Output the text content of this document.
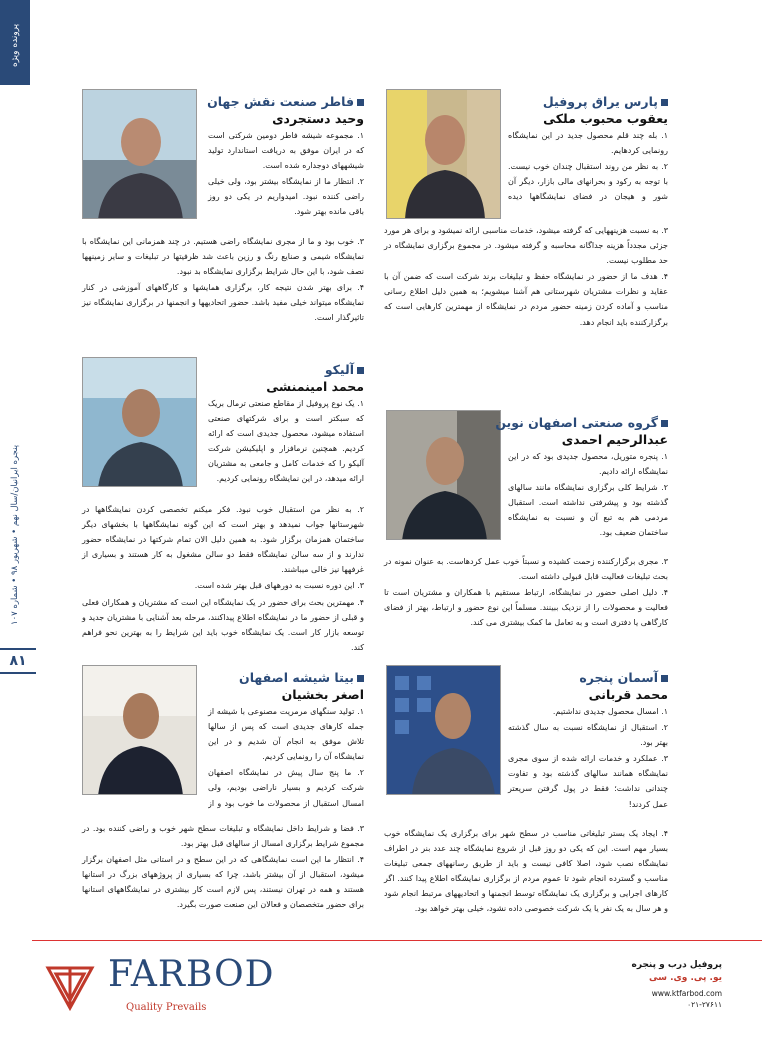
پرونده ویژه
پنجره ایرانیان/سال نهم • شهریور ۹۸ • شماره ۱۰۷
۸۱
پارس یراق پروفیل
یعقوب محبوب ملکی

۱. بله چند قلم محصول جدید در این نمایشگاه رونمایی کردهایم.

۲. به نظر من روند استقبال چندان خوب نیست. با توجه به رکود و بحرانهای مالی بازار، دیگر آن شور و هیجان در فضای نمایشگاهها دیده

۳. به نسبت هزینههایی که گرفته میشود، خدمات مناسبی ارائه نمیشود و برای هر مورد جزئی مجدداً هزینه جداگانه محاسبه و گرفته میشود. در مجموع برگزاری نمایشگاه در حد مطلوب نیست.

۴. هدف ما از حضور در نمایشگاه حفظ و تبلیغات برند شرکت است که ضمن آن با عقاید و نظرات مشتریان شهرستانی هم آشنا میشویم؛ به همین دلیل اطلاع رسانی مناسب و آماده کردن زمینه حضور مردم در نمایشگاه از مهمترین کارهایی است که برگزارکننده باید انجام دهد.

فاطر صنعت نقش جهان
وحید دستجردی

۱. مجموعه شیشه فاطر دومین شرکتی است که در ایران موفق به دریافت استاندارد تولید شیشههای دوجداره شده است.

۲. انتظار ما از نمایشگاه بیشتر بود، ولی خیلی راضی کننده نبود. امیدواریم در یکی دو روز باقی مانده بهتر شود.

۳. خوب بود و ما از مجری نمایشگاه راضی هستیم. در چند همزمانی این نمایشگاه با نمایشگاه شیمی و صنایع رنگ و رزین باعث شد ظرفیتها در تبلیغات و سایر زمینهها نصف شود، با این حال شرایط برگزاری نمایشگاه بد نبود.

۴. برای بهتر شدن نتیجه کار، برگزاری همایشها و کارگاههای آموزشی در کنار نمایشگاه میتواند خیلی مفید باشد. حضور اتحادیهها و انجمنها در برگزاری نمایشگاه نیز تاثیرگذار است.

گروه صنعتی اصفهان نوین
عبدالرحیم احمدی

۱. پنجره متوریل، محصول جدیدی بود که در این نمایشگاه ارائه دادیم.

۲. شرایط کلی برگزاری نمایشگاه مانند سالهای گذشته بود و پیشرفتی نداشته است. استقبال مردمی هم به تبع آن و نسبت به نمایشگاه ساختمان ضعیف بود.

۳. مجری برگزارکننده زحمت کشیده و نسبتاً خوب عمل کردهاست. به عنوان نمونه در بحث تبلیغات فعالیت قابل قبولی داشته است.

۴. دلیل اصلی حضور در نمایشگاه، ارتباط مستقیم با همکاران و مشتریان است تا فعالیت و محصولات را از نزدیک ببینند. مسلماً این نوع حضور و ارتباط، بهتر از فضای کارگاهی یا دفتری است و به تعامل ما کمک بیشتری می کند.

آلیکو
محمد امینمنشی

۱. یک نوع پروفیل از مقاطع صنعتی ترمال بریک که سبکتر است و برای شرکتهای صنعتی استفاده میشود، محصول جدیدی است که ارائه کردیم. همچنین نرمافزار و اپلیکیشن شرکت آلیکو را که خدمات کامل و جامعی به مشتریان ارائه میدهد، در این نمایشگاه رونمایی کردیم.

۲. به نظر من استقبال خوب نبود. فکر میکنم تخصصی کردن نمایشگاهها در شهرستانها جواب نمیدهد و بهتر است که این گونه نمایشگاهها با بخشهای دیگر ساختمان همزمان برگزار شود. به همین دلیل الان تمام شرکتها در نمایشگاه حضور ندارند و از سه سالن نمایشگاه فقط دو سالن مشغول به کار هستند و بسیاری از غرفهها نیز خالی میباشند.

۳. این دوره نسبت به دورههای قبل بهتر شده است.

۴. مهمترین بحث برای حضور در یک نمایشگاه این است که مشتریان و همکاران فعلی و قبلی از حضور ما در نمایشگاه اطلاع پیداکنند، مرحله بعد آشنایی با مشتریان جدید و توسعه بازار کار است. یک نمایشگاه خوب باید این شرایط را به بهترین نحو فراهم کند.

آسمان پنجره
محمد قربانی

۱. امسال محصول جدیدی نداشتیم.

۲. استقبال از نمایشگاه نسبت به سال گذشته بهتر بود.

۳. عملکرد و خدمات ارائه شده از سوی مجری نمایشگاه همانند سالهای گذشته بود و تفاوت چندانی نداشت؛ فقط در پول گرفتن سریعتر عمل کردند!

۴. ایجاد یک بستر تبلیغاتی مناسب در سطح شهر برای برگزاری یک نمایشگاه خوب بسیار مهم است. این که یکی دو روز قبل از شروع نمایشگاه چند عدد بنر در اطراف نمایشگاه نصب شود، اصلا کافی نیست و باید از طریق رسانههای جمعی تبلیغات مناسب و گسترده انجام شود تا عموم مردم از برگزاری نمایشگاه اطلاع پیدا کنند. اگر کارهای اجرایی و برگزاری یک نمایشگاه توسط انجمنها و اتحادیههای مرتبط انجام شود و هر سال به یک نفر یا یک شرکت خصوصی داده نشود، خیلی بهتر خواهد بود.

بیتا شیشه اصفهان
اصغر بخشیان

۱. تولید سنگهای مرمریت مصنوعی با شیشه از جمله کارهای جدیدی است که پس از سالها تلاش موفق به انجام آن شدیم و در این نمایشگاه آن را رونمایی کردیم.

۲. ما پنج سال پیش در نمایشگاه اصفهان شرکت کردیم و بسیار ناراضی بودیم، ولی امسال استقبال از محصولات ما خوب بود و از

۳. فضا و شرایط داخل نمایشگاه و تبلیغات سطح شهر خوب و راضی کننده بود. در مجموع شرایط برگزاری امسال از سالهای قبل بهتر بود.

۴. انتظار ما این است نمایشگاهی که در این سطح و در استانی مثل اصفهان برگزار میشود، استقبال از آن بیشتر باشد، چرا که بسیاری از پروژههای بزرگ در استانها هستند و همه در تهران نیستند، پس لازم است کار بیشتری در نمایشگاههای استانها برای حضور متخصصان و فعالان این صنعت صورت بگیرد.

FARBOD
Quality Prevails
پروفیل درب و پنجره
یو. پی. وی. سی
www.ktfarbod.com
۰۲۱-۲۷۶۱۱
